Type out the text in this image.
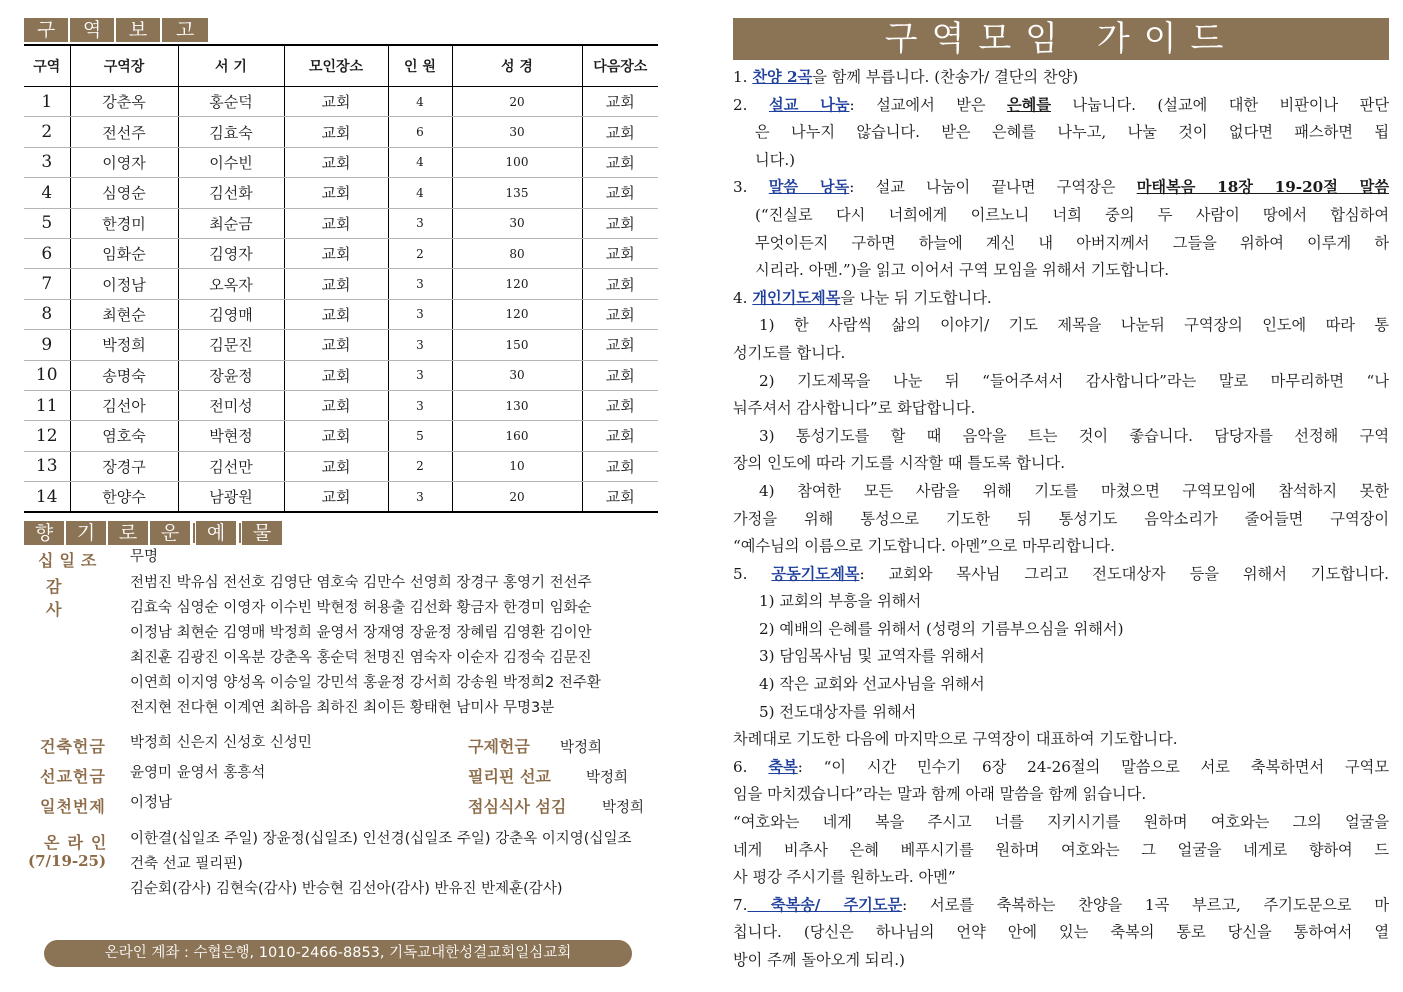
구	역	보	고
구역	구역장	서 기	모인장소	인 원	성 경	다음장소
1	강춘옥	홍순덕	교회	4	20	교회
2	전선주	김효숙	교회	6	30	교회
3	이영자	이수빈	교회	4	100	교회
4	심영순	김선화	교회	4	135	교회
5	한경미	최순금	교회	3	30	교회
6	임화순	김영자	교회	2	80	교회
7	이정남	오옥자	교회	3	120	교회
8	최현순	김영매	교회	3	120	교회
9	박정희	김문진	교회	3	150	교회
10	송명숙	장윤정	교회	3	30	교회
11	김선아	전미성	교회	3	130	교회
12	염호숙	박현정	교회	5	160	교회
13	장경구	김선만	교회	2	10	교회
14	한양수	남광원	교회	3	20	교회
향	기	로	운	예	물
십일조	무명
감사
전범진 박유심 전선호 김영단 염호숙 김만수 선영희 장경구 홍영기 전선주
김효숙 심영순 이영자 이수빈 박현정 허용출 김선화 황금자 한경미 임화순
이정남 최현순 김영매 박정희 윤영서 장재영 장윤정 장혜림 김영환 김이안
최진훈 김광진 이옥분 강춘옥 홍순덕 천명진 염숙자 이순자 김정숙 김문진
이연희 이지영 양성옥 이승일 강민석 홍윤정 강서희 강송원 박정희2 전주환
전지현 전다현 이계연 최하음 최하진 최이든 황태현 남미사 무명3분
건축헌금	박정희 신은지 신성호 신성민	구제헌금 박정희
선교헌금	윤영미 윤영서 홍흥석	필리핀 선교 박정희
일천번제	이정남	점심식사 섬김 박정희
온라인
(7/19-25)
이한결(십일조 주일) 장윤정(십일조) 인선경(십일조 주일) 강춘옥 이지영(십일조
건축 선교 필리핀)
김순회(감사) 김현숙(감사) 반승현 김선아(감사) 반유진 반제훈(감사)
온라인 계좌 : 수협은행, 1010-2466-8853, 기독교대한성결교회일심교회
구역모임 가이드
1. 찬양 2곡을 함께 부릅니다. (찬송가/ 결단의 찬양)
2. 설교 나눔: 설교에서 받은 은혜를 나눕니다. (설교에 대한 비판이나 판단
은 나누지 않습니다. 받은 은혜를 나누고, 나눌 것이 없다면 패스하면 됩
니다.)
3. 말씀 낭독: 설교 나눔이 끝나면 구역장은 마태복음 18장 19-20절 말씀
(“진실로 다시 너희에게 이르노니 너희 중의 두 사람이 땅에서 합심하여
무엇이든지 구하면 하늘에 계신 내 아버지께서 그들을 위하여 이루게 하
시리라. 아멘.”)을 읽고 이어서 구역 모임을 위해서 기도합니다.
4. 개인기도제목을 나눈 뒤 기도합니다.
1) 한 사람씩 삶의 이야기/ 기도 제목을 나눈뒤 구역장의 인도에 따라 통
성기도를 합니다.
2) 기도제목을 나눈 뒤 “들어주셔서 감사합니다”라는 말로 마무리하면 “나
눠주셔서 감사합니다”로 화답합니다.
3) 통성기도를 할 때 음악을 트는 것이 좋습니다. 담당자를 선정해 구역
장의 인도에 따라 기도를 시작할 때 틀도록 합니다.
4) 참여한 모든 사람을 위해 기도를 마쳤으면 구역모임에 참석하지 못한
가정을 위해 통성으로 기도한 뒤 통성기도 음악소리가 줄어들면 구역장이
“예수님의 이름으로 기도합니다. 아멘”으로 마무리합니다.
5. 공동기도제목: 교회와 목사님 그리고 전도대상자 등을 위해서 기도합니다.
1) 교회의 부흥을 위해서
2) 예배의 은혜를 위해서 (성령의 기름부으심을 위해서)
3) 담임목사님 및 교역자를 위해서
4) 작은 교회와 선교사님을 위해서
5) 전도대상자를 위해서
차례대로 기도한 다음에 마지막으로 구역장이 대표하여 기도합니다.
6. 축복: “이 시간 민수기 6장 24-26절의 말씀으로 서로 축복하면서 구역모
임을 마치겠습니다”라는 말과 함께 아래 말씀을 함께 읽습니다.
“여호와는 네게 복을 주시고 너를 지키시기를 원하며 여호와는 그의 얼굴을
네게 비추사 은혜 베푸시기를 원하며 여호와는 그 얼굴을 네게로 향하여 드
사 평강 주시기를 원하노라. 아멘”
7. 축복송/ 주기도문: 서로를 축복하는 찬양을 1곡 부르고, 주기도문으로 마
칩니다. (당신은 하나님의 언약 안에 있는 축복의 통로 당신을 통하여서 열
방이 주께 돌아오게 되리.)
